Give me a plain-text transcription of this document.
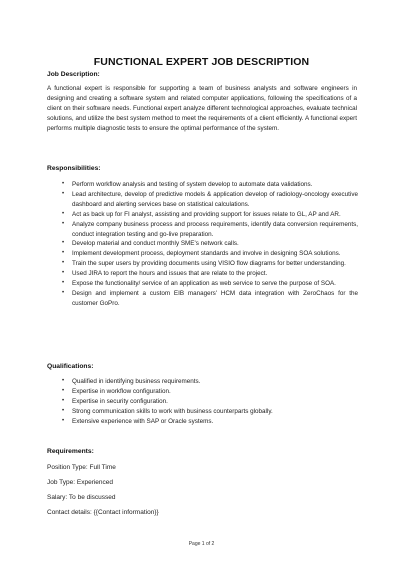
FUNCTIONAL EXPERT JOB DESCRIPTION
Job Description:

A functional expert is responsible for supporting a team of business analysts and software engineers in designing and creating a software system and related computer applications, following the specifications of a client on their software needs. Functional expert analyze different technological approaches, evaluate technical solutions, and utilize the best system method to meet the requirements of a client efficiently. A functional expert performs multiple diagnostic tests to ensure the optimal performance of the system.

Responsibilities:
• Perform workflow analysis and testing of system develop to automate data validations.
• Lead architecture, develop of predictive models & application develop of radiology-oncology executive dashboard and alerting services base on statistical calculations.
• Act as back up for FI analyst, assisting and providing support for issues relate to GL, AP and AR.
• Analyze company business process and process requirements, identify data conversion requirements, conduct integration testing and go-live preparation.
• Develop material and conduct monthly SME's network calls.
• Implement development process, deployment standards and involve in designing SOA solutions.
• Train the super users by providing documents using VISIO flow diagrams for better understanding.
• Used JIRA to report the hours and issues that are relate to the project.
• Expose the functionality/ service of an application as web service to serve the purpose of SOA.
• Design and implement a custom EIB managers' HCM data integration with ZeroChaos for the customer GoPro.
Qualifications:
• Qualified in identifying business requirements.
• Expertise in workflow configuration.
• Expertise in security configuration.
• Strong communication skills to work with business counterparts globally.
• Extensive experience with SAP or Oracle systems.
Requirements:
Position Type: Full Time
Job Type: Experienced
Salary: To be discussed
Contact details: {{Contact information}}
Page 1 of 2
